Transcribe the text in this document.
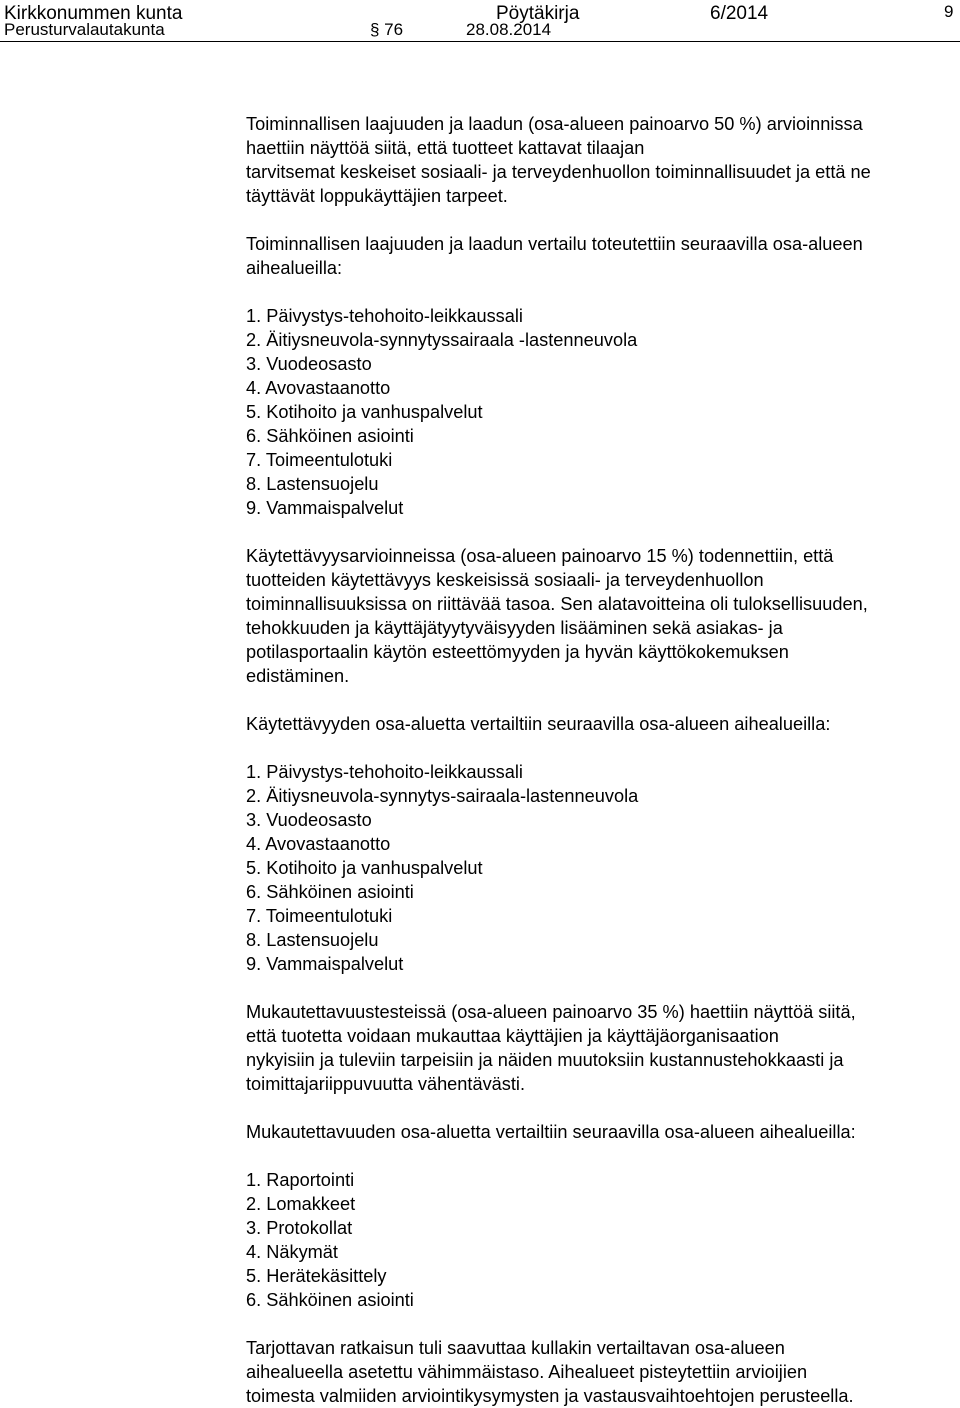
Kirkkonummen kunta	Pöytäkirja	6/2014	9
Perusturvalautakunta	§ 76	28.08.2014

Toiminnallisen laajuuden ja laadun (osa-alueen painoarvo 50 %) arvioinnissa
haettiin näyttöä siitä, että tuotteet kattavat tilaajan
tarvitsemat keskeiset sosiaali- ja terveydenhuollon toiminnallisuudet ja että ne
täyttävät loppukäyttäjien tarpeet.

Toiminnallisen laajuuden ja laadun vertailu toteutettiin seuraavilla osa-alueen
aihealueilla:

1. Päivystys-tehohoito-leikkaussali
2. Äitiysneuvola-synnytyssairaala -lastenneuvola
3. Vuodeosasto
4. Avovastaanotto
5. Kotihoito ja vanhuspalvelut
6. Sähköinen asiointi
7. Toimeentulotuki
8. Lastensuojelu
9. Vammaispalvelut

Käytettävyysarvioinneissa (osa-alueen painoarvo 15 %) todennettiin, että
tuotteiden käytettävyys keskeisissä sosiaali- ja terveydenhuollon
toiminnallisuuksissa on riittävää tasoa. Sen alatavoitteina oli tuloksellisuuden,
tehokkuuden ja käyttäjätyytyväisyyden lisääminen sekä asiakas- ja
potilasportaalin käytön esteettömyyden ja hyvän käyttökokemuksen
edistäminen.

Käytettävyyden osa-aluetta vertailtiin seuraavilla osa-alueen aihealueilla:

1. Päivystys-tehohoito-leikkaussali
2. Äitiysneuvola-synnytys-sairaala-lastenneuvola
3. Vuodeosasto
4. Avovastaanotto
5. Kotihoito ja vanhuspalvelut
6. Sähköinen asiointi
7. Toimeentulotuki
8. Lastensuojelu
9. Vammaispalvelut

Mukautettavuustesteissä (osa-alueen painoarvo 35 %) haettiin näyttöä siitä,
että tuotetta voidaan mukauttaa käyttäjien ja käyttäjäorganisaation
nykyisiin ja tuleviin tarpeisiin ja näiden muutoksiin kustannustehokkaasti ja
toimittajariippuvuutta vähentävästi.

Mukautettavuuden osa-aluetta vertailtiin seuraavilla osa-alueen aihealueilla:

1. Raportointi
2. Lomakkeet
3. Protokollat
4. Näkymät
5. Herätekäsittely
6. Sähköinen asiointi

Tarjottavan ratkaisun tuli saavuttaa kullakin vertailtavan osa-alueen
aihealueella asetettu vähimmäistaso. Aihealueet pisteytettiin arvioijien
toimesta valmiiden arviointikysymysten ja vastausvaihtoehtojen perusteella.
